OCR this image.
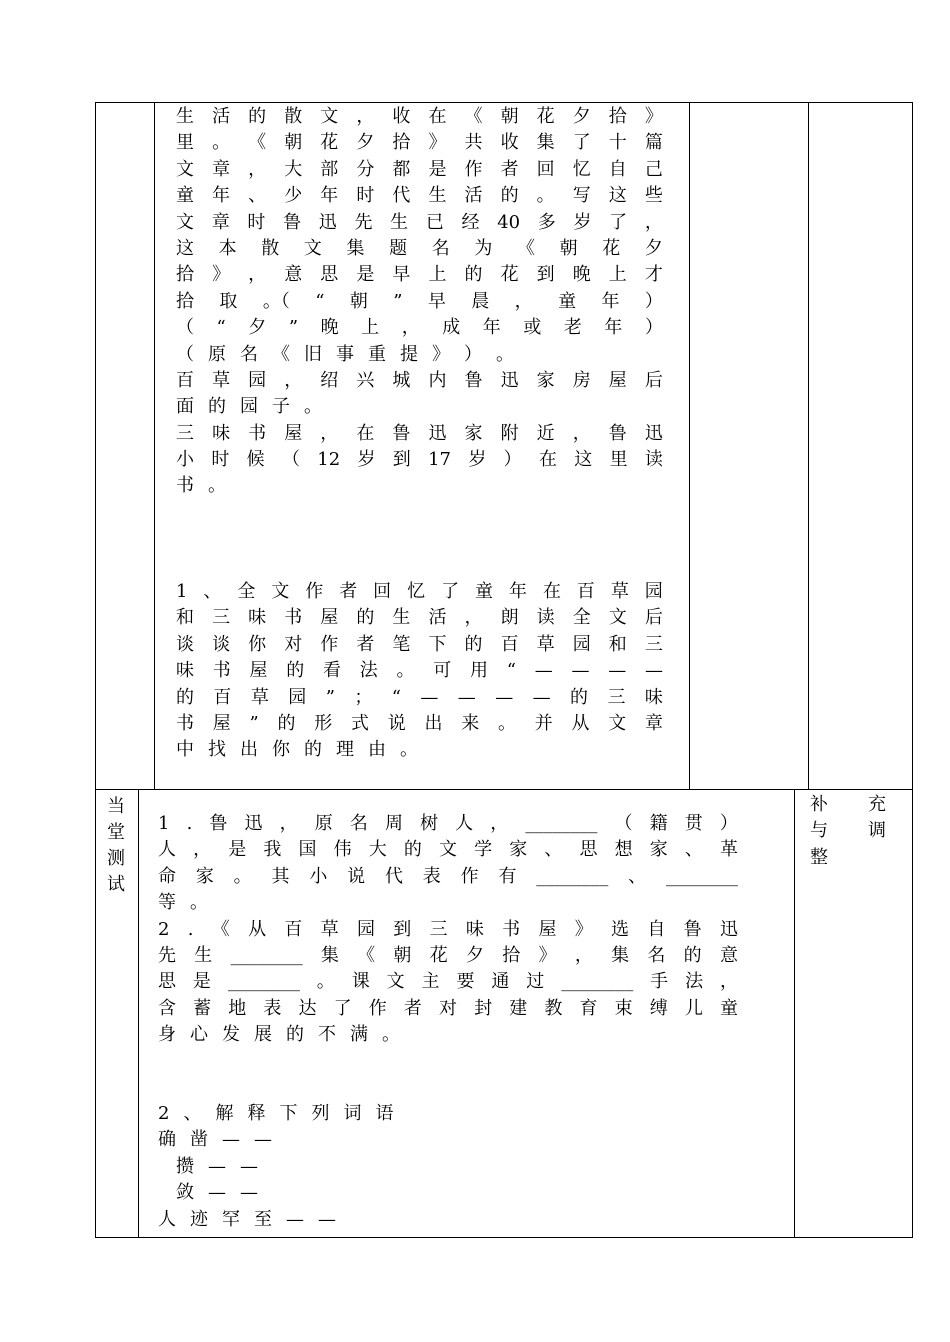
生 活 的 散 文 ， 收 在 《 朝 花 夕 拾 》
里 。 《 朝 花 夕 拾 》 共 收 集 了 十 篇
文 章 ， 大 部 分 都 是 作 者 回 忆 自 己
童 年 、 少 年 时 代 生 活 的 。 写 这 些
文 章 时 鲁 迅 先 生 已 经 40 多 岁 了 ，
这 本 散 文 集 题 名 为 《 朝 花 夕
拾 》 ， 意 思 是 早 上 的 花 到 晚 上 才
拾 取 。（ “ 朝 ” 早 晨 ， 童 年 ）
（ “ 夕 ” 晚 上 ， 成 年 或 老 年 ）
（ 原 名 《 旧 事 重 提 》 ） 。
百 草 园 ， 绍 兴 城 内 鲁 迅 家 房 屋 后
面 的 园 子 。
三 味 书 屋 ， 在 鲁 迅 家 附 近 ， 鲁 迅
小 时 候 （ 12 岁 到 17 岁 ） 在 这 里 读
书 。
1 、 全 文 作 者 回 忆 了 童 年 在 百 草 园
和 三 味 书 屋 的 生 活 ， 朗 读 全 文 后
谈 谈 你 对 作 者 笔 下 的 百 草 园 和 三
味 书 屋 的 看 法 。 可 用 “ — — — —
的 百 草 园 ” ； “ — — — — 的 三 味
书 屋 ” 的 形 式 说 出 来 。 并 从 文 章
中 找 出 你 的 理 由 。
当
堂
测
试
补 充
与 调
整
1 . 鲁 迅 ， 原 名 周 树 人 ， ________ （ 籍 贯 ）
人 ， 是 我 国 伟 大 的 文 学 家 、 思 想 家 、 革
命 家 。 其 小 说 代 表 作 有 ________ 、 ________
等 。
2 . 《 从 百 草 园 到 三 味 书 屋 》 选 自 鲁 迅
先 生 ________ 集 《 朝 花 夕 拾 》 ， 集 名 的 意
思 是 ________ 。 课 文 主 要 通 过 ________ 手 法 ，
含 蓄 地 表 达 了 作 者 对 封 建 教 育 束 缚 儿 童
身 心 发 展 的 不 满 。
2 、 解 释 下 列 词 语
确 凿 — —
攒 — —
敛 — —
人 迹 罕 至 — —
